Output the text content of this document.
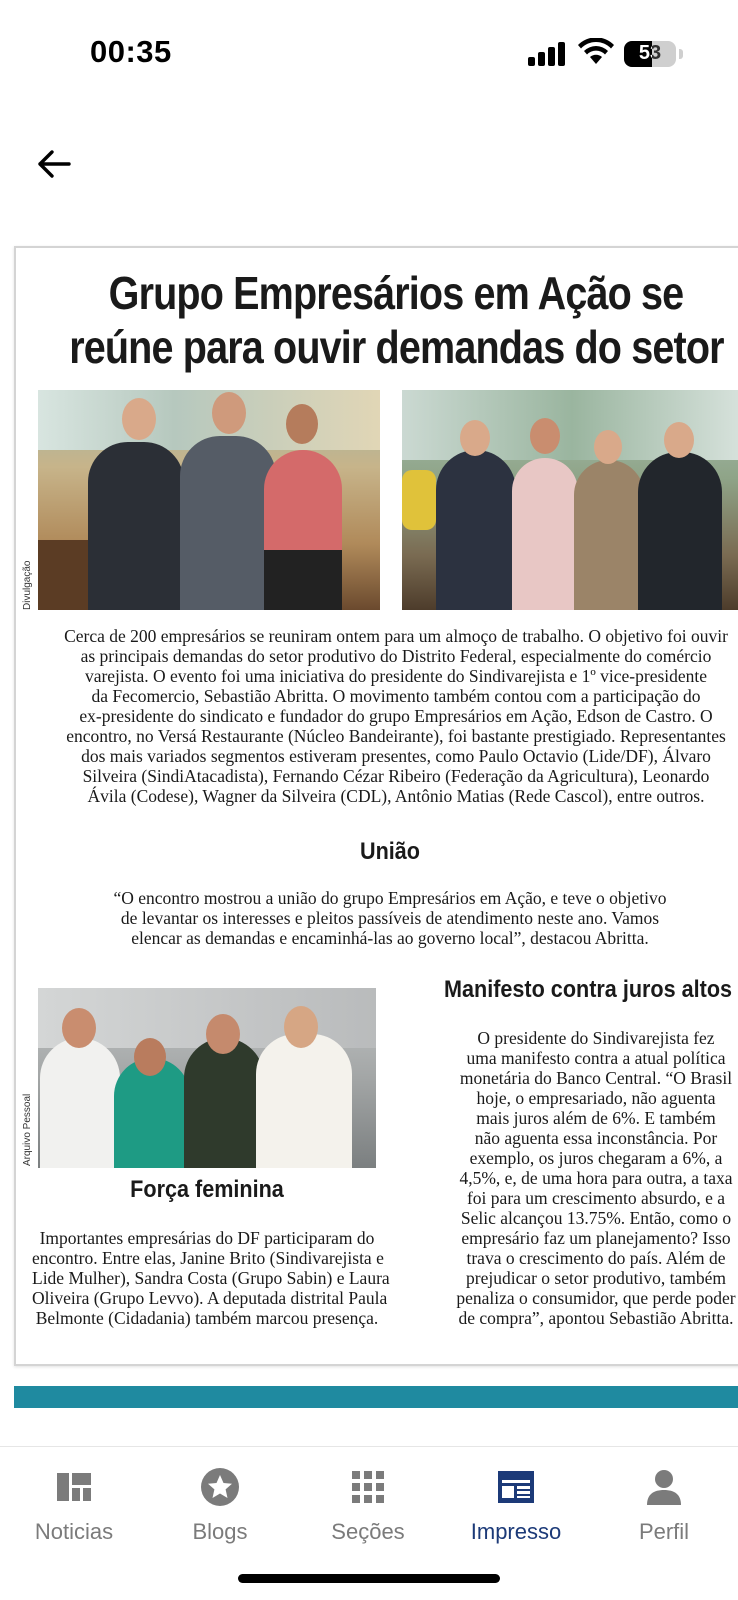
00:35	53
Grupo Empresários em Ação se
reúne para ouvir demandas do setor
Divulgação
Cerca de 200 empresários se reuniram ontem para um almoço de trabalho. O objetivo foi ouvir
as principais demandas do setor produtivo do Distrito Federal, especialmente do comércio
varejista. O evento foi uma iniciativa do presidente do Sindivarejista e 1º vice-presidente
da Fecomercio, Sebastião Abritta. O movimento também contou com a participação do
ex-presidente do sindicato e fundador do grupo Empresários em Ação, Edson de Castro. O
encontro, no Versá Restaurante (Núcleo Bandeirante), foi bastante prestigiado. Representantes
dos mais variados segmentos estiveram presentes, como Paulo Octavio (Lide/DF), Álvaro
Silveira (SindiAtacadista), Fernando Cézar Ribeiro (Federação da Agricultura), Leonardo
Ávila (Codese), Wagner da Silveira (CDL), Antônio Matias (Rede Cascol), entre outros.
União
“O encontro mostrou a união do grupo Empresários em Ação, e teve o objetivo
de levantar os interesses e pleitos passíveis de atendimento neste ano. Vamos
elencar as demandas e encaminhá-las ao governo local”, destacou Abritta.
Arquivo Pessoal
Força feminina
Importantes empresárias do DF participaram do
encontro. Entre elas, Janine Brito (Sindivarejista e
Lide Mulher), Sandra Costa (Grupo Sabin) e Laura
Oliveira (Grupo Levvo). A deputada distrital Paula
Belmonte (Cidadania) também marcou presença.
Manifesto contra juros altos
O presidente do Sindivarejista fez
uma manifesto contra a atual política
monetária do Banco Central. “O Brasil
hoje, o empresariado, não aguenta
mais juros além de 6%. E também
não aguenta essa inconstância. Por
exemplo, os juros chegaram a 6%, a
4,5%, e, de uma hora para outra, a taxa
foi para um crescimento absurdo, e a
Selic alcançou 13.75%. Então, como o
empresário faz um planejamento? Isso
trava o crescimento do país. Além de
prejudicar o setor produtivo, também
penaliza o consumidor, que perde poder
de compra”, apontou Sebastião Abritta.
Noticias	Blogs	Seções	Impresso	Perfil
